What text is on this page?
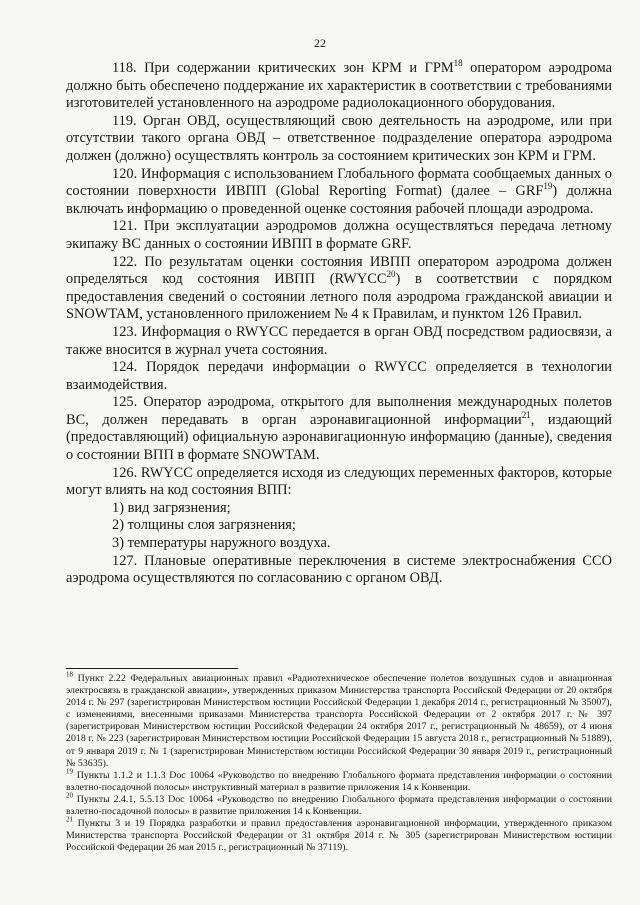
22

118. При содержании критических зон КРМ и ГРМ$^{18}$ оператором аэродрома должно быть обеспечено поддержание их характеристик в соответствии с требованиями изготовителей установленного на аэродроме радиолокационного оборудования.

119. Орган ОВД, осуществляющий свою деятельность на аэродроме, или при отсутствии такого органа ОВД – ответственное подразделение оператора аэродрома должен (должно) осуществлять контроль за состоянием критических зон КРМ и ГРМ.

120. Информация с использованием Глобального формата сообщаемых данных о состоянии поверхности ИВПП (Global Reporting Format) (далее – GRF$^{19}$) должна включать информацию о проведенной оценке состояния рабочей площади аэродрома.

121. При эксплуатации аэродромов должна осуществляться передача летному экипажу ВС данных о состоянии ИВПП в формате GRF.

122. По результатам оценки состояния ИВПП оператором аэродрома должен определяться код состояния ИВПП (RWYCC$^{20}$) в соответствии с порядком предоставления сведений о состоянии летного поля аэродрома гражданской авиации и SNOWTAM, установленного приложением № 4 к Правилам, и пунктом 126 Правил.

123. Информация о RWYCC передается в орган ОВД посредством радиосвязи, а также вносится в журнал учета состояния.

124. Порядок передачи информации о RWYCC определяется в технологии взаимодействия.

125. Оператор аэродрома, открытого для выполнения международных полетов ВС, должен передавать в орган аэронавигационной информации$^{21}$, издающий (предоставляющий) официальную аэронавигационную информацию (данные), сведения о состоянии ВПП в формате SNOWTAM.

126. RWYCC определяется исходя из следующих переменных факторов, которые могут влиять на код состояния ВПП:

1) вид загрязнения;

2) толщины слоя загрязнения;

3) температуры наружного воздуха.

127. Плановые оперативные переключения в системе электроснабжения ССО аэродрома осуществляются по согласованию с органом ОВД.

$^{18}$ Пункт 2.22 Федеральных авиационных правил «Радиотехническое обеспечение полетов воздушных судов и авиационная электросвязь в гражданской авиации», утвержденных приказом Министерства транспорта Российской Федерации от 20 октября 2014 г. № 297 (зарегистрирован Министерством юстиции Российской Федерации 1 декабря 2014 г., регистрационный № 35007), с изменениями, внесенными приказами Министерства транспорта Российской Федерации от 2 октября 2017 г. № 397 (зарегистрирован Министерством юстиции Российской Федерации 24 октября 2017 г., регистрационный № 48659), от 4 июня 2018 г. № 223 (зарегистрирован Министерством юстиции Российской Федерации 15 августа 2018 г., регистрационный № 51889), от 9 января 2019 г. № 1 (зарегистрирован Министерством юстиции Российской Федерации 30 января 2019 г., регистрационный № 53635).

$^{19}$ Пункты 1.1.2 и 1.1.3 Doc 10064 «Руководство по внедрению Глобального формата представления информации о состоянии взлетно-посадочной полосы» инструктивный материал в развитие приложения 14 к Конвенции.

$^{20}$ Пункты 2.4.1, 5.5.13 Doc 10064 «Руководство по внедрению Глобального формата представления информации о состоянии взлетно-посадочной полосы» в развитие приложения 14 к Конвенции.

$^{21}$ Пункты 3 и 19 Порядка разработки и правил предоставления аэронавигационной информации, утвержденного приказом Министерства транспорта Российской Федерации от 31 октября 2014 г. № 305 (зарегистрирован Министерством юстиции Российской Федерации 26 мая 2015 г., регистрационный № 37119).
